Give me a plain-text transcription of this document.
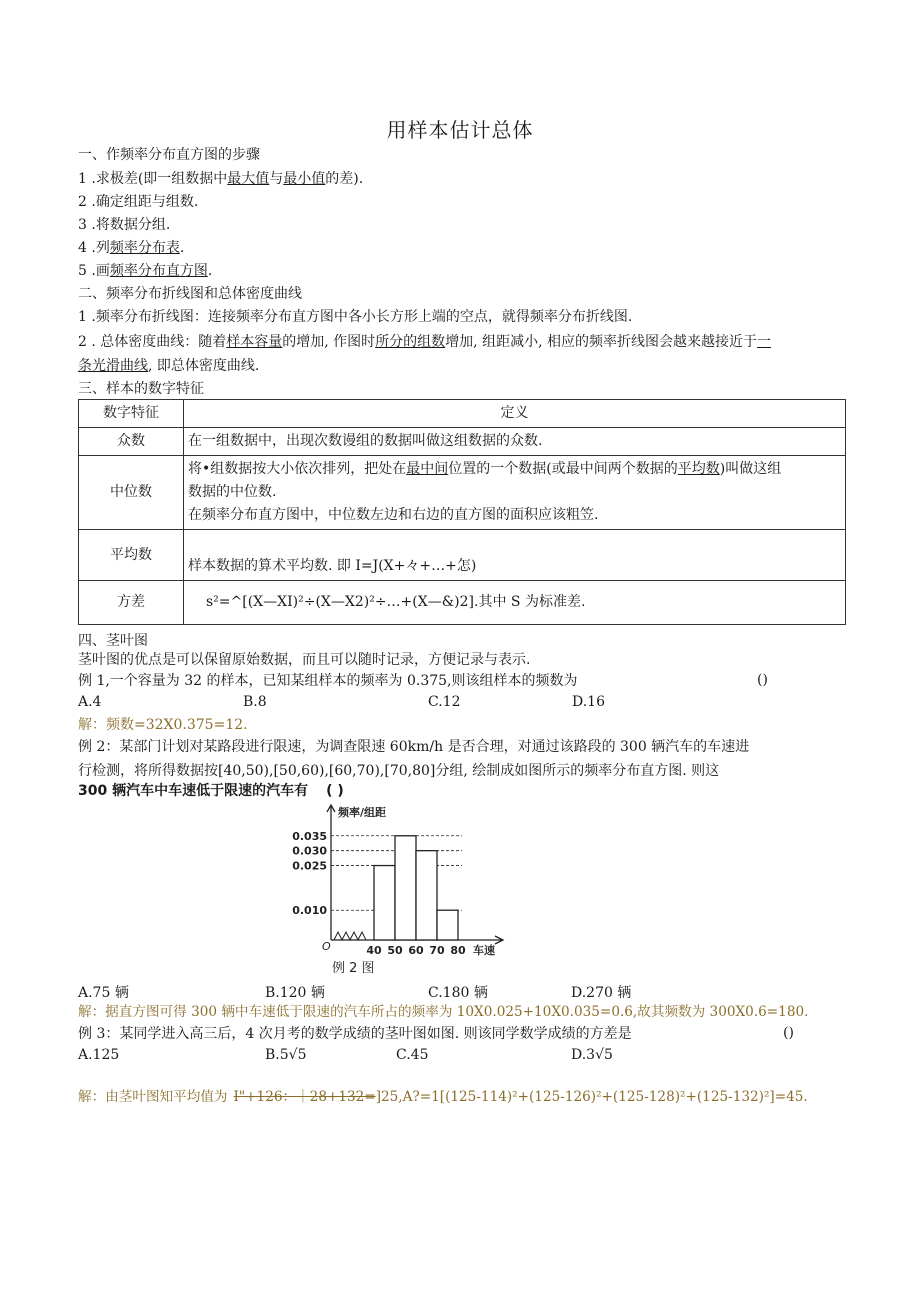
用样本估计总体
一、作频率分布直方图的步骤
1 .求极差(即一组数据中最大值与最小值的差).
2 .确定组距与组数.
3 .将数据分组.
4 .列频率分布表.
5 .画频率分布直方图.
二、频率分布折线图和总体密度曲线
1 .频率分布折线图：连接频率分布直方图中各小长方形上端的空点，就得频率分布折线图.
2 . 总体密度曲线：随着样本容量的增加, 作图时所分的组数增加, 组距减小, 相应的频率折线图会越来越接近于一
条光滑曲线, 即总体密度曲线.
三、样本的数字特征
数字特征	定义
众数	在一组数据中，出现次数谩组的数据叫做这组数据的众数.
中位数	将•组数据按大小依次排列，把处在最中间位置的一个数据(或最中间两个数据的平均数)叫做这组
数据的中位数.
在频率分布直方图中，中位数左边和右边的直方图的面积应该粗笠.
平均数	样本数据的算术平均数. 即 I=J(X+々+…+怎)
方差	s²=^[(X—XI)²÷(X—X2)²÷…+(X—&)2].其中 S 为标准差.
四、茎叶图
茎叶图的优点是可以保留原始数据，而且可以随时记录，方便记录与表示.
例 1,一个容量为 32 的样本，已知某组样本的频率为 0.375,则该组样本的频数为	()
A.4	B.8	C.12	D.16
解：频数=32X0.375=12.
例 2：某部门计划对某路段进行限速，为调查限速 60km/h 是否合理，对通过该路段的 300 辆汽车的车速进
行检测，将所得数据按[40,50),[50,60),[60,70),[70,80]分组, 绘制成如图所示的频率分布直方图. 则这
300 辆汽车中车速低于限速的汽车有 ( )
0.035
0.030
0.025
0.010
40 50 60 70 80
频率/组距
车速
O
例 2 图
A.75 辆	B.120 辆	C.180 辆	D.270 辆
解：据直方图可得 300 辆中车速低于限速的汽车所占的频率为 10X0.025+10X0.035=0.6,故其频数为 300X0.6=180.
例 3：某同学进入高三后，4 次月考的数学成绩的茎叶图如图. 则该同学数学成绩的方差是	()
A.125	B.5√5	C.45	D.3√5
解：由茎叶图知平均值为 I"+126：｜28+132=]25,A?=1[(125-114)²+(125-126)²+(125-128)²+(125-132)²]=45.
